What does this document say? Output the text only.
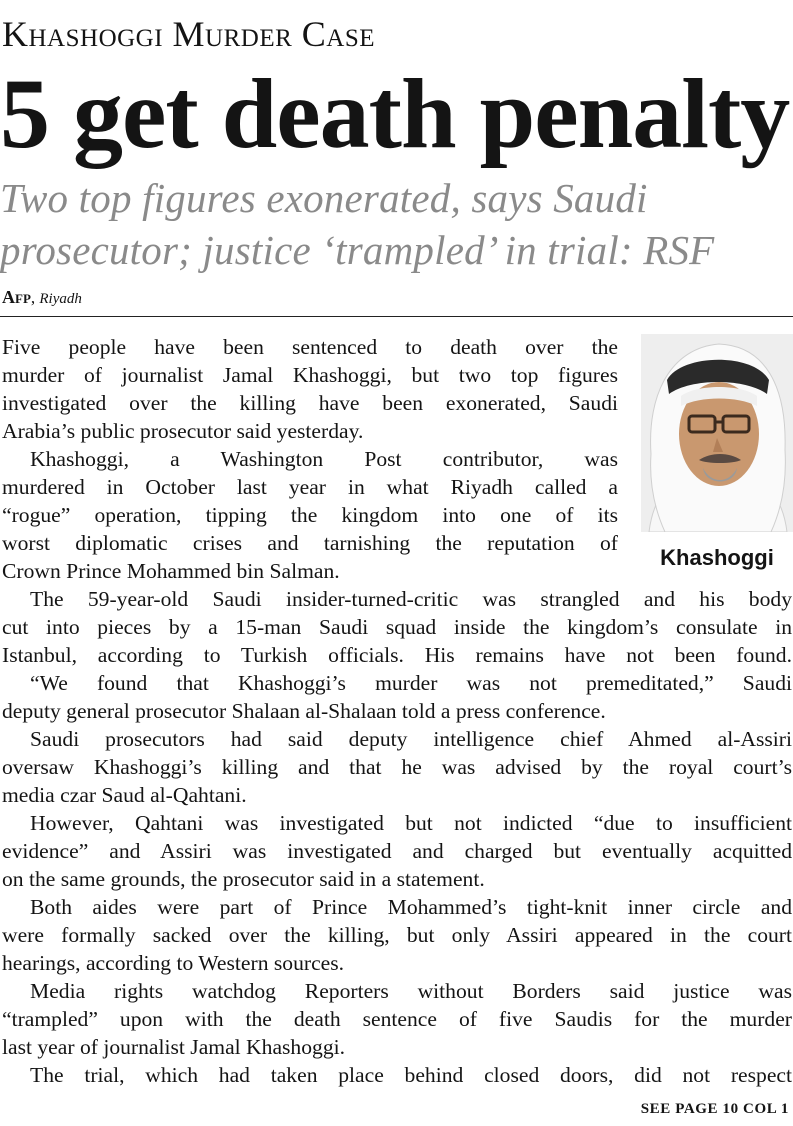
Khashoggi Murder Case
5 get death penalty
Two top figures exonerated, says Saudi
prosecutor; justice ‘trampled’ in trial: RSF
Afp, Riyadh
Khashoggi
Five people have been sentenced to death over the
murder of journalist Jamal Khashoggi, but two top figures
investigated over the killing have been exonerated, Saudi
Arabia’s public prosecutor said yesterday.
Khashoggi, a Washington Post contributor, was
murdered in October last year in what Riyadh called a
“rogue” operation, tipping the kingdom into one of its
worst diplomatic crises and tarnishing the reputation of
Crown Prince Mohammed bin Salman.
The 59-year-old Saudi insider-turned-critic was strangled and his body
cut into pieces by a 15-man Saudi squad inside the kingdom’s consulate in
Istanbul, according to Turkish officials. His remains have not been found.
“We found that Khashoggi’s murder was not premeditated,” Saudi
deputy general prosecutor Shalaan al-Shalaan told a press conference.
Saudi prosecutors had said deputy intelligence chief Ahmed al-Assiri
oversaw Khashoggi’s killing and that he was advised by the royal court’s
media czar Saud al-Qahtani.
However, Qahtani was investigated but not indicted “due to insufficient
evidence” and Assiri was investigated and charged but eventually acquitted
on the same grounds, the prosecutor said in a statement.
Both aides were part of Prince Mohammed’s tight-knit inner circle and
were formally sacked over the killing, but only Assiri appeared in the court
hearings, according to Western sources.
Media rights watchdog Reporters without Borders said justice was
“trampled” upon with the death sentence of five Saudis for the murder
last year of journalist Jamal Khashoggi.
The trial, which had taken place behind closed doors, did not respect
SEE PAGE 10 COL 1
